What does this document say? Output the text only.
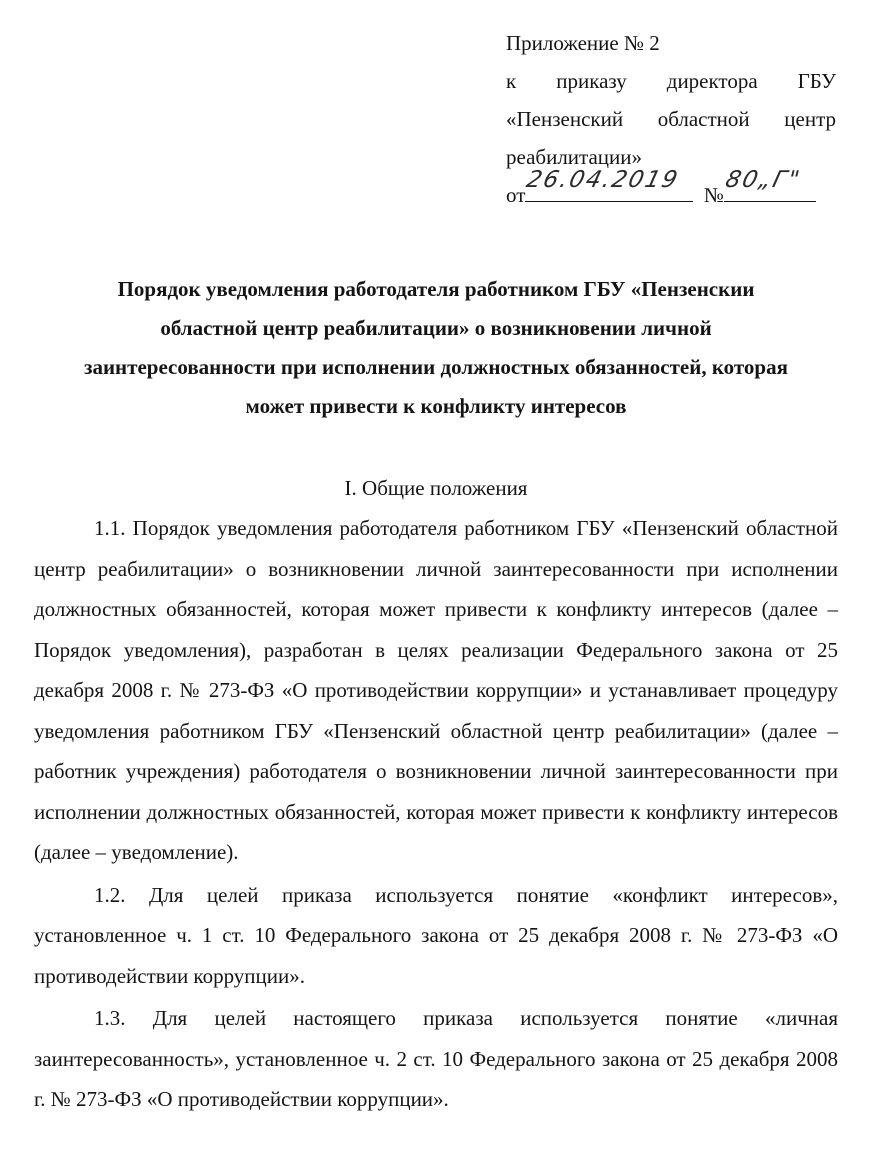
Приложение № 2
к приказу директора ГБУ
«Пензенский областной центр
реабилитации»
от
26.04.2019
№
80„Г"
Порядок уведомления работодателя работником ГБУ «Пензенскии
областной центр реабилитации» о возникновении личной
заинтересованности при исполнении должностных обязанностей, которая
может привести к конфликту интересов
I. Общие положения

1.1. Порядок уведомления работодателя работником ГБУ «Пензенский областной центр реабилитации» о возникновении личной заинтересованности при исполнении должностных обязанностей, которая может привести к конфликту интересов (далее – Порядок уведомления), разработан в целях реализации Федерального закона от 25 декабря 2008 г. № 273-ФЗ «О противодействии коррупции» и устанавливает процедуру уведомления работником ГБУ «Пензенский областной центр реабилитации» (далее – работник учреждения) работодателя о возникновении личной заинтересованности при исполнении должностных обязанностей, которая может привести к конфликту интересов (далее – уведомление).

1.2. Для целей приказа используется понятие «конфликт интересов», установленное ч. 1 ст. 10 Федерального закона от 25 декабря 2008 г. № 273-ФЗ «О противодействии коррупции».

1.3. Для целей настоящего приказа используется понятие «личная заинтересованность», установленное ч. 2 ст. 10 Федерального закона от 25 декабря 2008 г. № 273-ФЗ «О противодействии коррупции».
